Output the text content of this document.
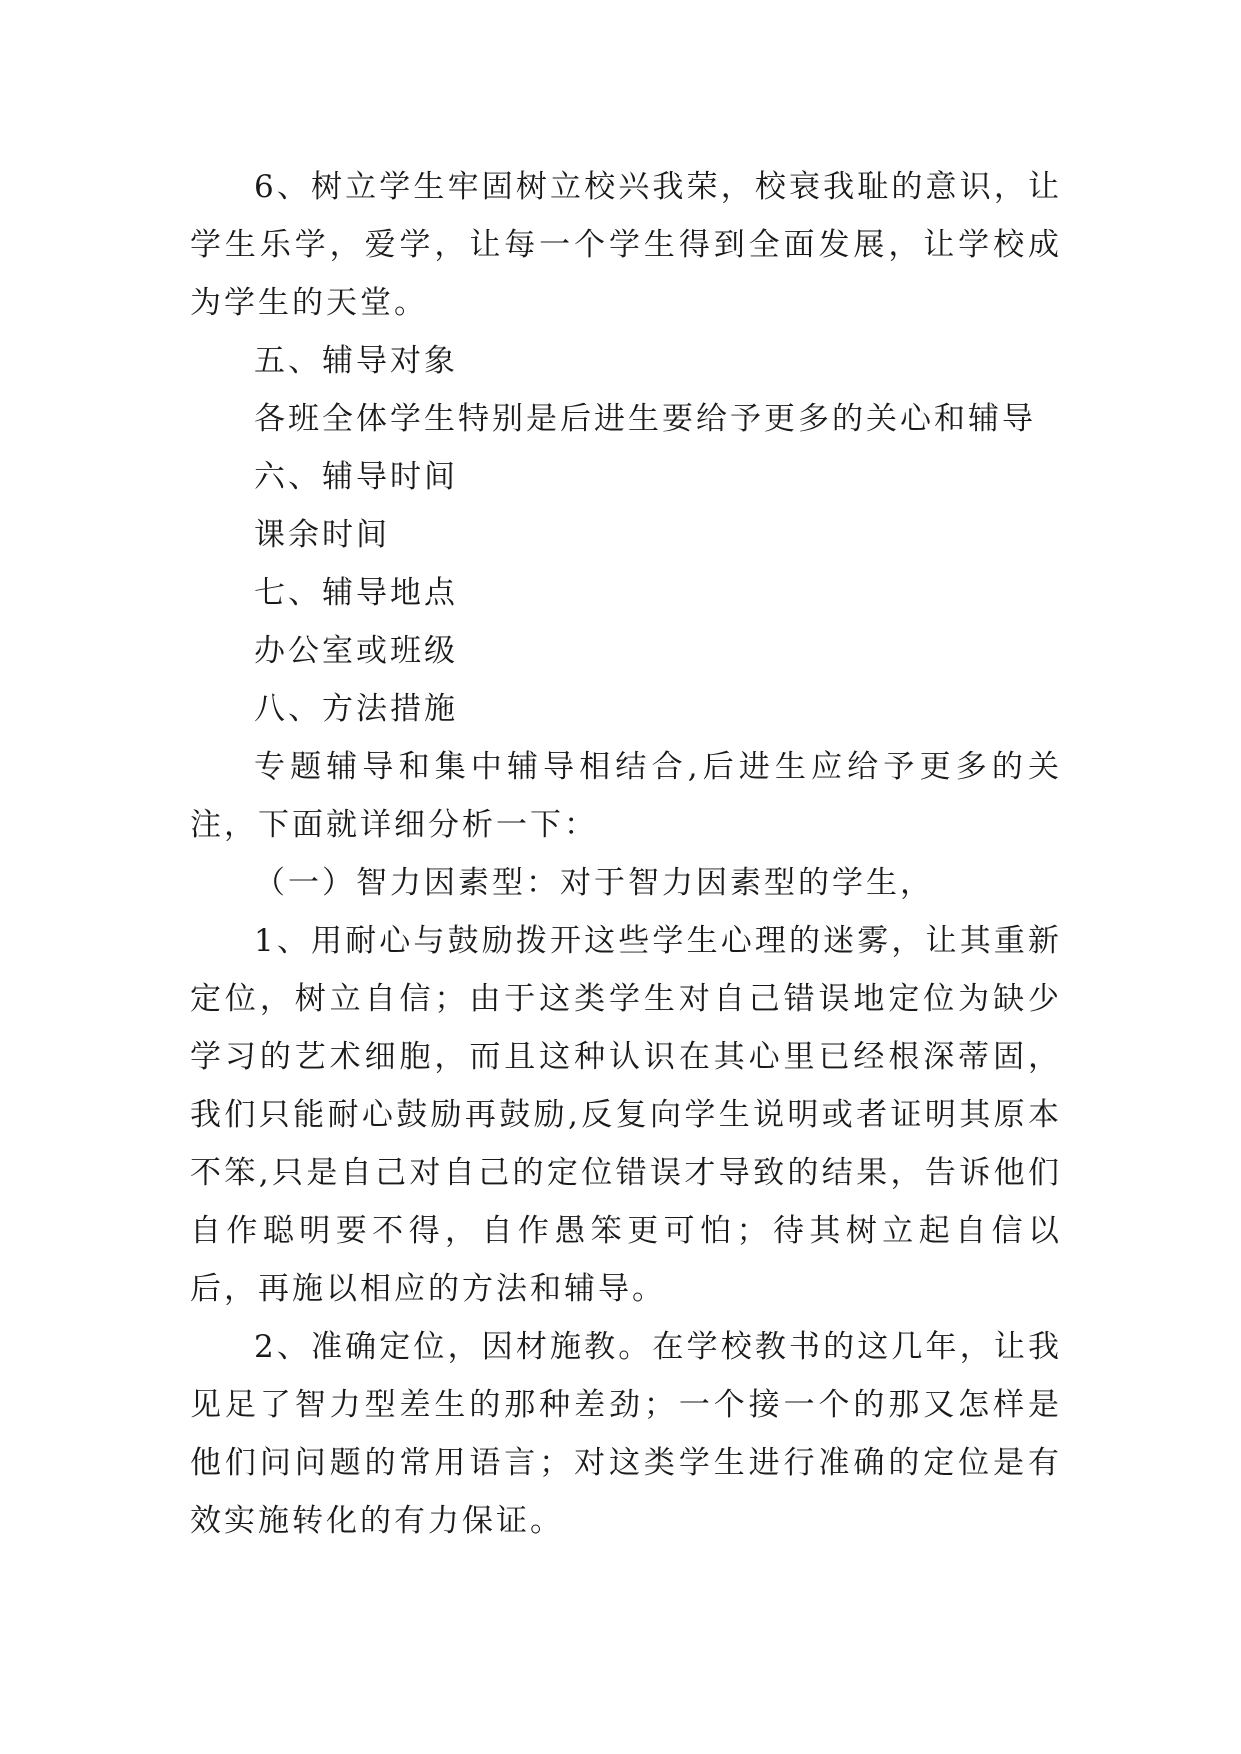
6、树立学生牢固树立校兴我荣，校衰我耻的意识，让学生乐学，爱学，让每一个学生得到全面发展，让学校成为学生的天堂。

五、辅导对象

各班全体学生特别是后进生要给予更多的关心和辅导

六、辅导时间

课余时间

七、辅导地点

办公室或班级

八、方法措施

专题辅导和集中辅导相结合,后进生应给予更多的关注，下面就详细分析一下：

（一）智力因素型：对于智力因素型的学生，

1、用耐心与鼓励拨开这些学生心理的迷雾，让其重新定位，树立自信；由于这类学生对自己错误地定位为缺少学习的艺术细胞，而且这种认识在其心里已经根深蒂固，我们只能耐心鼓励再鼓励,反复向学生说明或者证明其原本不笨,只是自己对自己的定位错误才导致的结果，告诉他们自作聪明要不得，自作愚笨更可怕；待其树立起自信以后，再施以相应的方法和辅导。

2、准确定位，因材施教。在学校教书的这几年，让我见足了智力型差生的那种差劲；一个接一个的那又怎样是他们问问题的常用语言；对这类学生进行准确的定位是有效实施转化的有力保证。
